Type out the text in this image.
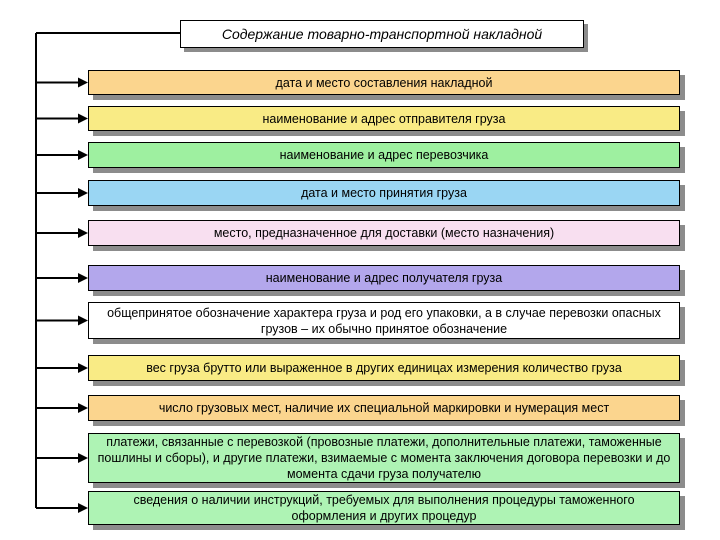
Содержание товарно-транспортной накладной
дата и место составления накладной
наименование и адрес отправителя груза
наименование и адрес перевозчика
дата и место принятия груза
место, предназначенное для доставки (место назначения)
наименование и адрес получателя груза
общепринятое обозначение характера груза и род его упаковки, а в случае перевозки опасных грузов – их обычно принятое обозначение
вес груза брутто или выраженное в других единицах измерения количество груза
число грузовых мест, наличие их специальной маркировки и нумерация мест
платежи, связанные с перевозкой (провозные платежи, дополнительные платежи, таможенные пошлины и сборы), и другие платежи, взимаемые с момента заключения договора перевозки и до момента сдачи груза получателю
сведения о наличии инструкций, требуемых для выполнения процедуры таможенного оформления и других процедур
